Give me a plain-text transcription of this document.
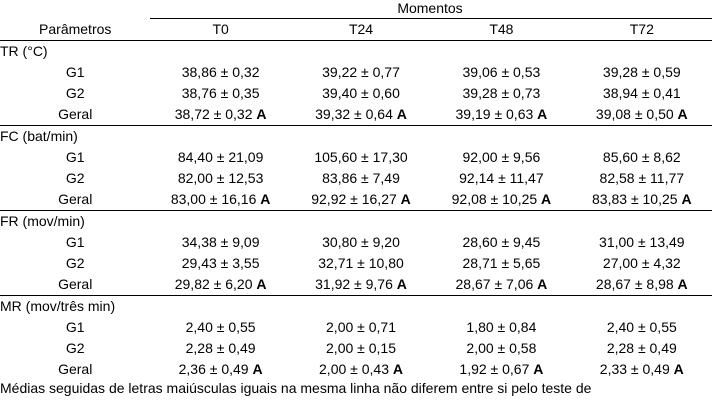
Momentos
Parâmetros	T0	T24	T48	T72
TR (°C)				
G1	38,86 ± 0,32	39,22 ± 0,77	39,06 ± 0,53	39,28 ± 0,59
G2	38,76 ± 0,35	39,40 ± 0,60	39,28 ± 0,73	38,94 ± 0,41
Geral	38,72 ± 0,32 A	39,32 ± 0,64 A	39,19 ± 0,63 A	39,08 ± 0,50 A
FC (bat/min)				
G1	84,40 ± 21,09	105,60 ± 17,30	92,00 ± 9,56	85,60 ± 8,62
G2	82,00 ± 12,53	83,86 ± 7,49	92,14 ± 11,47	82,58 ± 11,77
Geral	83,00 ± 16,16 A	92,92 ± 16,27 A	92,08 ± 10,25 A	83,83 ± 10,25 A
FR (mov/min)				
G1	34,38 ± 9,09	30,80 ± 9,20	28,60 ± 9,45	31,00 ± 13,49
G2	29,43 ± 3,55	32,71 ± 10,80	28,71 ± 5,65	27,00 ± 4,32
Geral	29,82 ± 6,20 A	31,92 ± 9,76 A	28,67 ± 7,06 A	28,67 ± 8,98 A
MR (mov/três min)				
G1	2,40 ± 0,55	2,00 ± 0,71	1,80 ± 0,84	2,40 ± 0,55
G2	2,28 ± 0,49	2,00 ± 0,15	2,00 ± 0,58	2,28 ± 0,49
Geral	2,36 ± 0,49 A	2,00 ± 0,43 A	1,92 ± 0,67 A	2,33 ± 0,49 A
Médias seguidas de letras maiúsculas iguais na mesma linha não diferem entre si pelo teste de
